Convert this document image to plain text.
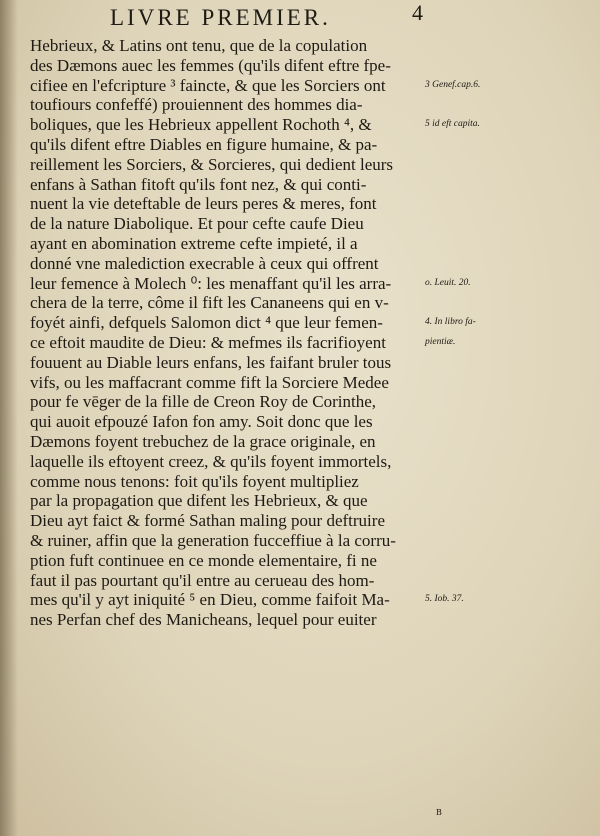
LIVRE PREMIER.	4
Hebrieux, & Latins ont tenu, que de la copulation
des Dæmons auec les femmes (qu'ils difent eftre fpe-
cifiee en l'efcripture ³ faincte, & que les Sorciers ont
toufiours confeffé) prouiennent des hommes dia-
boliques, que les Hebrieux appellent Rochoth ⁴, &
qu'ils difent eftre Diables en figure humaine, & pa-
reillement les Sorciers, & Sorcieres, qui dedient leurs
enfans à Sathan fitoft qu'ils font nez, & qui conti-
nuent la vie deteftable de leurs peres & meres, font
de la nature Diabolique. Et pour cefte caufe Dieu
ayant en abomination extreme cefte impieté, il a
donné vne malediction execrable à ceux qui offrent
leur femence à Molech ⁰: les menaffant qu'il les arra-
chera de la terre, côme il fift les Cananeens qui en v-
foyét ainfi, defquels Salomon dict ⁴ que leur femen-
ce eftoit maudite de Dieu: & mefmes ils facrifioyent
fouuent au Diable leurs enfans, les faifant bruler tous
vifs, ou les maffacrant comme fift la Sorciere Medee
pour fe vēger de la fille de Creon Roy de Corinthe,
qui auoit efpouzé Iafon fon amy. Soit donc que les
Dæmons foyent trebuchez de la grace originale, en
laquelle ils eftoyent creez, & qu'ils foyent immortels,
comme nous tenons: foit qu'ils foyent multipliez
par la propagation que difent les Hebrieux, & que
Dieu ayt faict & formé Sathan maling pour deftruire
& ruiner, affin que la generation fucceffiue à la corru-
ption fuft continuee en ce monde elementaire, fi ne
faut il pas pourtant qu'il entre au cerueau des hom-
mes qu'il y ayt iniquité ⁵ en Dieu, comme faifoit Ma-
nes Perfan chef des Manicheans, lequel pour euiter
3 Genef.cap.6.
5 id eft capita.
o. Leuit. 20.
4. In libro fa-
pientiæ.
5. Iob. 37.
B
